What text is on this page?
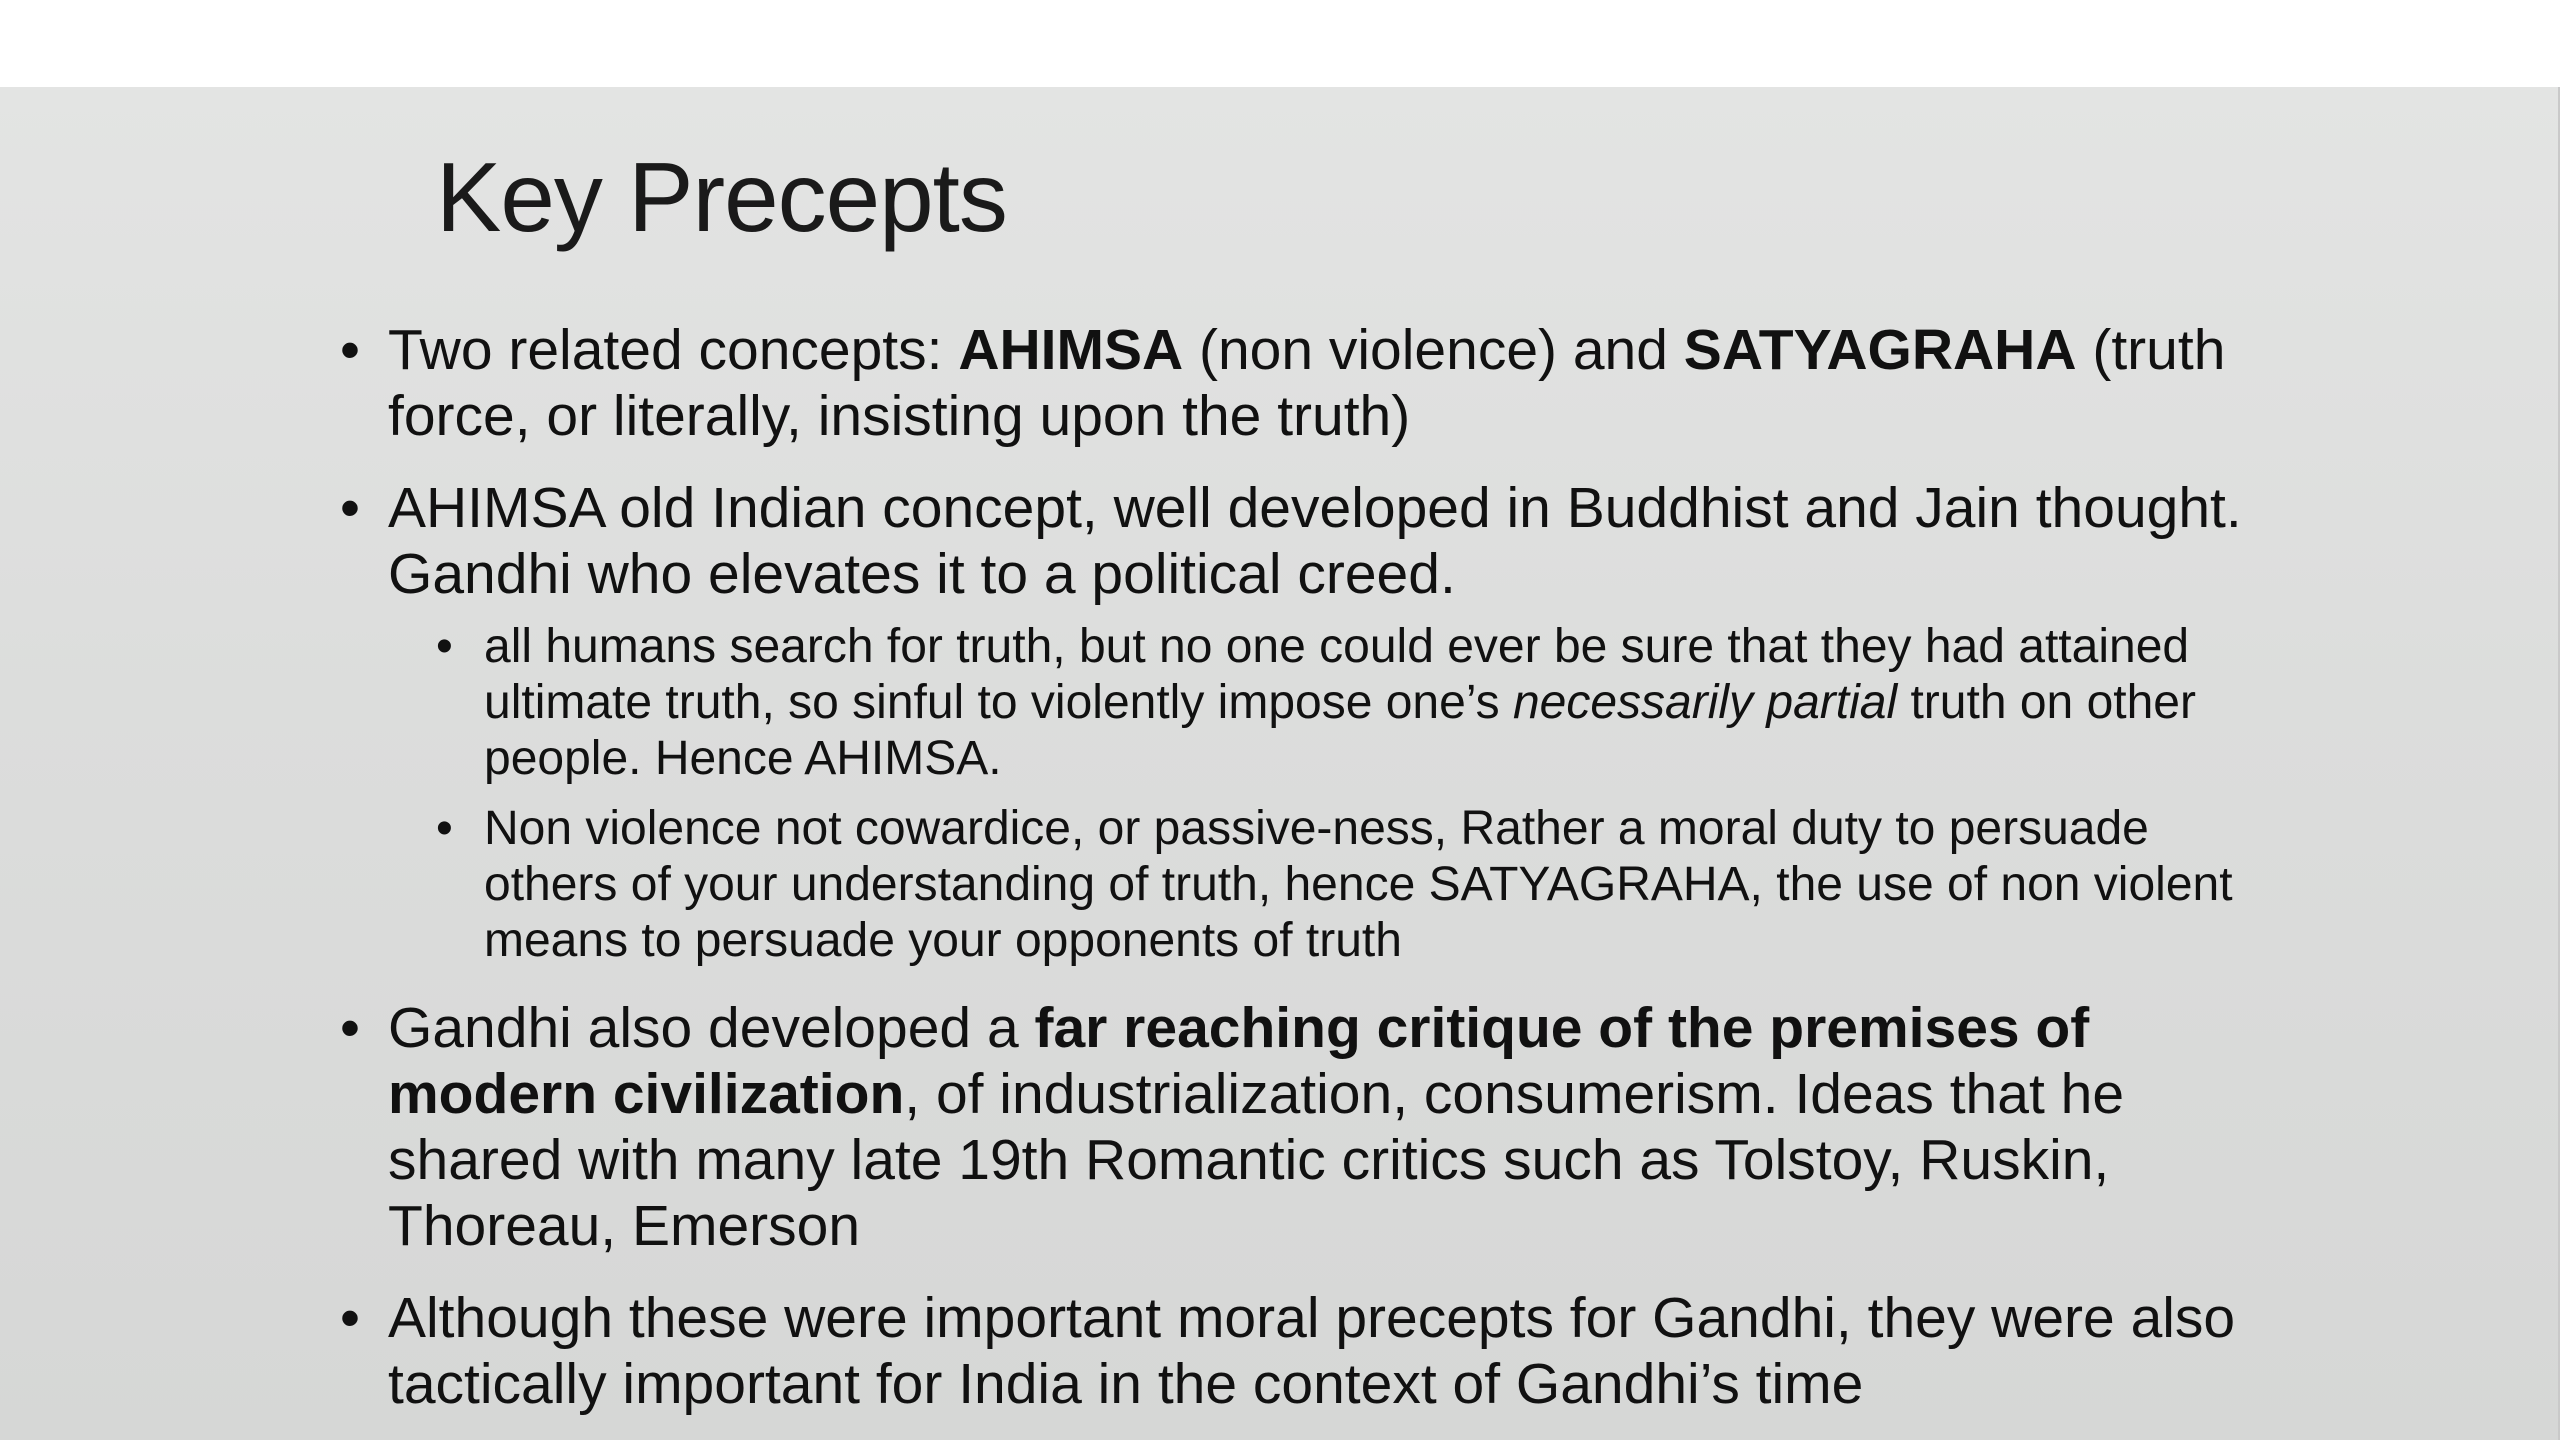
Key Precepts
• Two related concepts: AHIMSA (non violence) and SATYAGRAHA (truth force, or literally, insisting upon the truth)
• AHIMSA old Indian concept, well developed in Buddhist and Jain thought. Gandhi who elevates it to a political creed.
• all humans search for truth, but no one could ever be sure that they had attained ultimate truth, so sinful to violently impose one’s necessarily partial truth on other people. Hence AHIMSA.
• Non violence not cowardice, or passive-ness, Rather a moral duty to persuade others of your understanding of truth, hence SATYAGRAHA, the use of non violent means to persuade your opponents of truth
• Gandhi also developed a far reaching critique of the premises of modern civilization, of industrialization, consumerism. Ideas that he shared with many late 19th Romantic critics such as Tolstoy, Ruskin, Thoreau, Emerson
• Although these were important moral precepts for Gandhi, they were also tactically important for India in the context of Gandhi’s time
